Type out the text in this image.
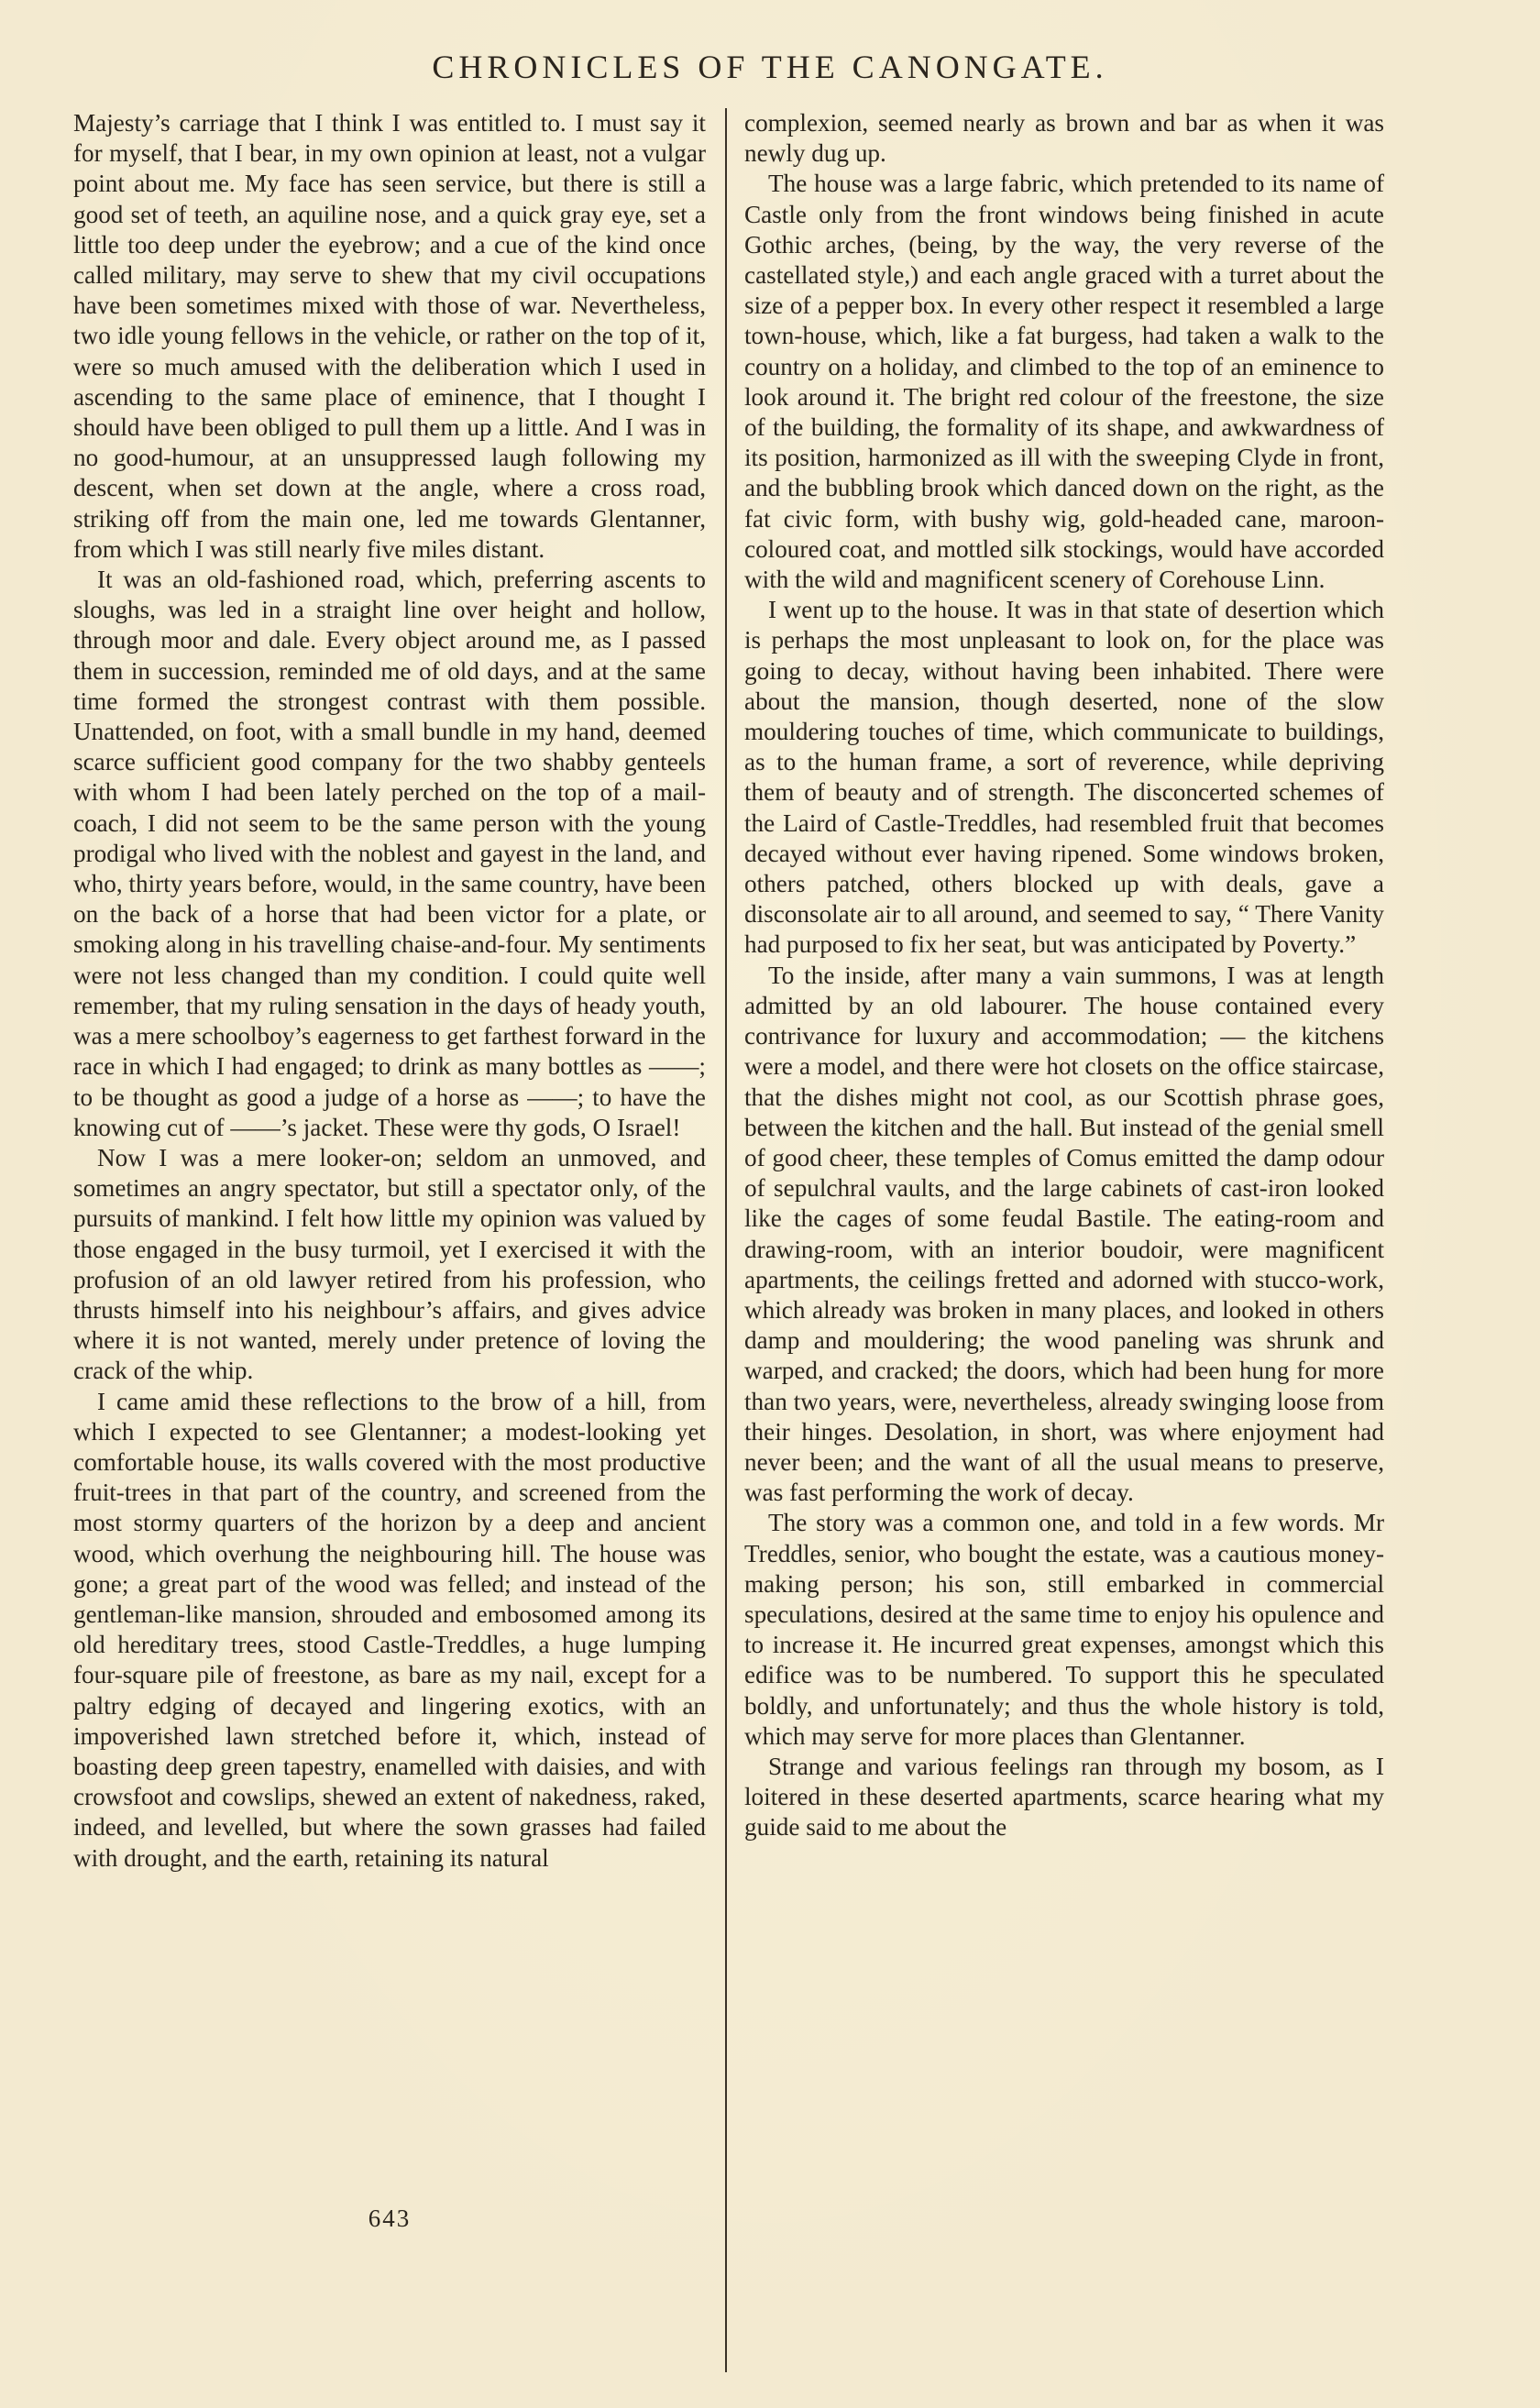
CHRONICLES OF THE CANONGATE.

Majesty’s carriage that I think I was entitled to. I must say it for myself, that I bear, in my own opinion at least, not a vulgar point about me. My face has seen service, but there is still a good set of teeth, an aquiline nose, and a quick gray eye, set a little too deep under the eyebrow; and a cue of the kind once called military, may serve to shew that my civil occupations have been sometimes mixed with those of war. Nevertheless, two idle young fellows in the vehicle, or rather on the top of it, were so much amused with the deliberation which I used in ascending to the same place of eminence, that I thought I should have been obliged to pull them up a little. And I was in no good-humour, at an unsuppressed laugh following my descent, when set down at the angle, where a cross road, striking off from the main one, led me towards Glentanner, from which I was still nearly five miles distant.

It was an old-fashioned road, which, preferring ascents to sloughs, was led in a straight line over height and hollow, through moor and dale. Every object around me, as I passed them in succession, reminded me of old days, and at the same time formed the strongest contrast with them possible. Unattended, on foot, with a small bundle in my hand, deemed scarce sufficient good company for the two shabby genteels with whom I had been lately perched on the top of a mail-coach, I did not seem to be the same person with the young prodigal who lived with the noblest and gayest in the land, and who, thirty years before, would, in the same country, have been on the back of a horse that had been victor for a plate, or smoking along in his travelling chaise-and-four. My sentiments were not less changed than my condition. I could quite well remember, that my ruling sensation in the days of heady youth, was a mere schoolboy’s eagerness to get farthest forward in the race in which I had engaged; to drink as many bottles as ——; to be thought as good a judge of a horse as ——; to have the knowing cut of ——’s jacket. These were thy gods, O Israel!

Now I was a mere looker-on; seldom an unmoved, and sometimes an angry spectator, but still a spectator only, of the pursuits of mankind. I felt how little my opinion was valued by those engaged in the busy turmoil, yet I exercised it with the profusion of an old lawyer retired from his profession, who thrusts himself into his neighbour’s affairs, and gives advice where it is not wanted, merely under pretence of loving the crack of the whip.

I came amid these reflections to the brow of a hill, from which I expected to see Glentanner; a modest-looking yet comfortable house, its walls covered with the most productive fruit-trees in that part of the country, and screened from the most stormy quarters of the horizon by a deep and ancient wood, which overhung the neighbouring hill. The house was gone; a great part of the wood was felled; and instead of the gentleman-like mansion, shrouded and embosomed among its old hereditary trees, stood Castle-Treddles, a huge lumping four-square pile of freestone, as bare as my nail, except for a paltry edging of decayed and lingering exotics, with an impoverished lawn stretched before it, which, instead of boasting deep green tapestry, enamelled with daisies, and with crowsfoot and cowslips, shewed an extent of nakedness, raked, indeed, and levelled, but where the sown grasses had failed with drought, and the earth, retaining its natural

complexion, seemed nearly as brown and bar as when it was newly dug up.

The house was a large fabric, which pretended to its name of Castle only from the front windows being finished in acute Gothic arches, (being, by the way, the very reverse of the castellated style,) and each angle graced with a turret about the size of a pepper box. In every other respect it resembled a large town-house, which, like a fat burgess, had taken a walk to the country on a holiday, and climbed to the top of an eminence to look around it. The bright red colour of the freestone, the size of the building, the formality of its shape, and awkwardness of its position, harmonized as ill with the sweeping Clyde in front, and the bubbling brook which danced down on the right, as the fat civic form, with bushy wig, gold-headed cane, maroon-coloured coat, and mottled silk stockings, would have accorded with the wild and magnificent scenery of Corehouse Linn.

I went up to the house. It was in that state of desertion which is perhaps the most unpleasant to look on, for the place was going to decay, without having been inhabited. There were about the mansion, though deserted, none of the slow mouldering touches of time, which communicate to buildings, as to the human frame, a sort of reverence, while depriving them of beauty and of strength. The disconcerted schemes of the Laird of Castle-Treddles, had resembled fruit that becomes decayed without ever having ripened. Some windows broken, others patched, others blocked up with deals, gave a disconsolate air to all around, and seemed to say, “ There Vanity had purposed to fix her seat, but was anticipated by Poverty.”

To the inside, after many a vain summons, I was at length admitted by an old labourer. The house contained every contrivance for luxury and accommodation; — the kitchens were a model, and there were hot closets on the office staircase, that the dishes might not cool, as our Scottish phrase goes, between the kitchen and the hall. But instead of the genial smell of good cheer, these temples of Comus emitted the damp odour of sepulchral vaults, and the large cabinets of cast-iron looked like the cages of some feudal Bastile. The eating-room and drawing-room, with an interior boudoir, were magnificent apartments, the ceilings fretted and adorned with stucco-work, which already was broken in many places, and looked in others damp and mouldering; the wood paneling was shrunk and warped, and cracked; the doors, which had been hung for more than two years, were, nevertheless, already swinging loose from their hinges. Desolation, in short, was where enjoyment had never been; and the want of all the usual means to preserve, was fast performing the work of decay.

The story was a common one, and told in a few words. Mr Treddles, senior, who bought the estate, was a cautious money-making person; his son, still embarked in commercial speculations, desired at the same time to enjoy his opulence and to increase it. He incurred great expenses, amongst which this edifice was to be numbered. To support this he speculated boldly, and unfortunately; and thus the whole history is told, which may serve for more places than Glentanner.

Strange and various feelings ran through my bosom, as I loitered in these deserted apartments, scarce hearing what my guide said to me about the

643
